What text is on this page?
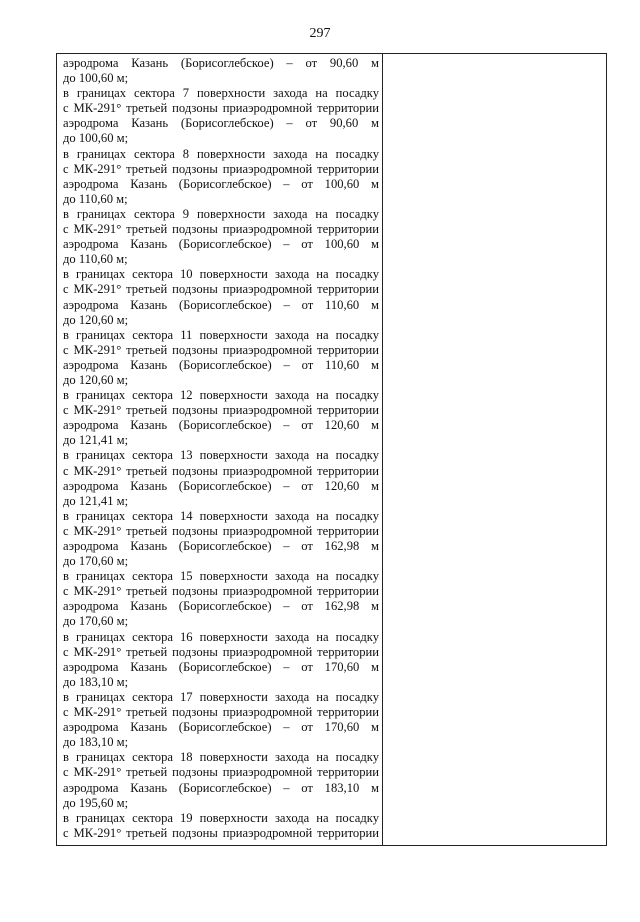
297
аэродрома Казань (Борисоглебское) – от 90,60 м
до 100,60 м;
в границах сектора 7 поверхности захода на посадку
с МК-291° третьей подзоны приаэродромной территории
аэродрома Казань (Борисоглебское) – от 90,60 м
до 100,60 м;
в границах сектора 8 поверхности захода на посадку
с МК-291° третьей подзоны приаэродромной территории
аэродрома Казань (Борисоглебское) – от 100,60 м
до 110,60 м;
в границах сектора 9 поверхности захода на посадку
с МК-291° третьей подзоны приаэродромной территории
аэродрома Казань (Борисоглебское) – от 100,60 м
до 110,60 м;
в границах сектора 10 поверхности захода на посадку
с МК-291° третьей подзоны приаэродромной территории
аэродрома Казань (Борисоглебское) – от 110,60 м
до 120,60 м;
в границах сектора 11 поверхности захода на посадку
с МК-291° третьей подзоны приаэродромной территории
аэродрома Казань (Борисоглебское) – от 110,60 м
до 120,60 м;
в границах сектора 12 поверхности захода на посадку
с МК-291° третьей подзоны приаэродромной территории
аэродрома Казань (Борисоглебское) – от 120,60 м
до 121,41 м;
в границах сектора 13 поверхности захода на посадку
с МК-291° третьей подзоны приаэродромной территории
аэродрома Казань (Борисоглебское) – от 120,60 м
до 121,41 м;
в границах сектора 14 поверхности захода на посадку
с МК-291° третьей подзоны приаэродромной территории
аэродрома Казань (Борисоглебское) – от 162,98 м
до 170,60 м;
в границах сектора 15 поверхности захода на посадку
с МК-291° третьей подзоны приаэродромной территории
аэродрома Казань (Борисоглебское) – от 162,98 м
до 170,60 м;
в границах сектора 16 поверхности захода на посадку
с МК-291° третьей подзоны приаэродромной территории
аэродрома Казань (Борисоглебское) – от 170,60 м
до 183,10 м;
в границах сектора 17 поверхности захода на посадку
с МК-291° третьей подзоны приаэродромной территории
аэродрома Казань (Борисоглебское) – от 170,60 м
до 183,10 м;
в границах сектора 18 поверхности захода на посадку
с МК-291° третьей подзоны приаэродромной территории
аэродрома Казань (Борисоглебское) – от 183,10 м
до 195,60 м;
в границах сектора 19 поверхности захода на посадку
с МК-291° третьей подзоны приаэродромной территории
